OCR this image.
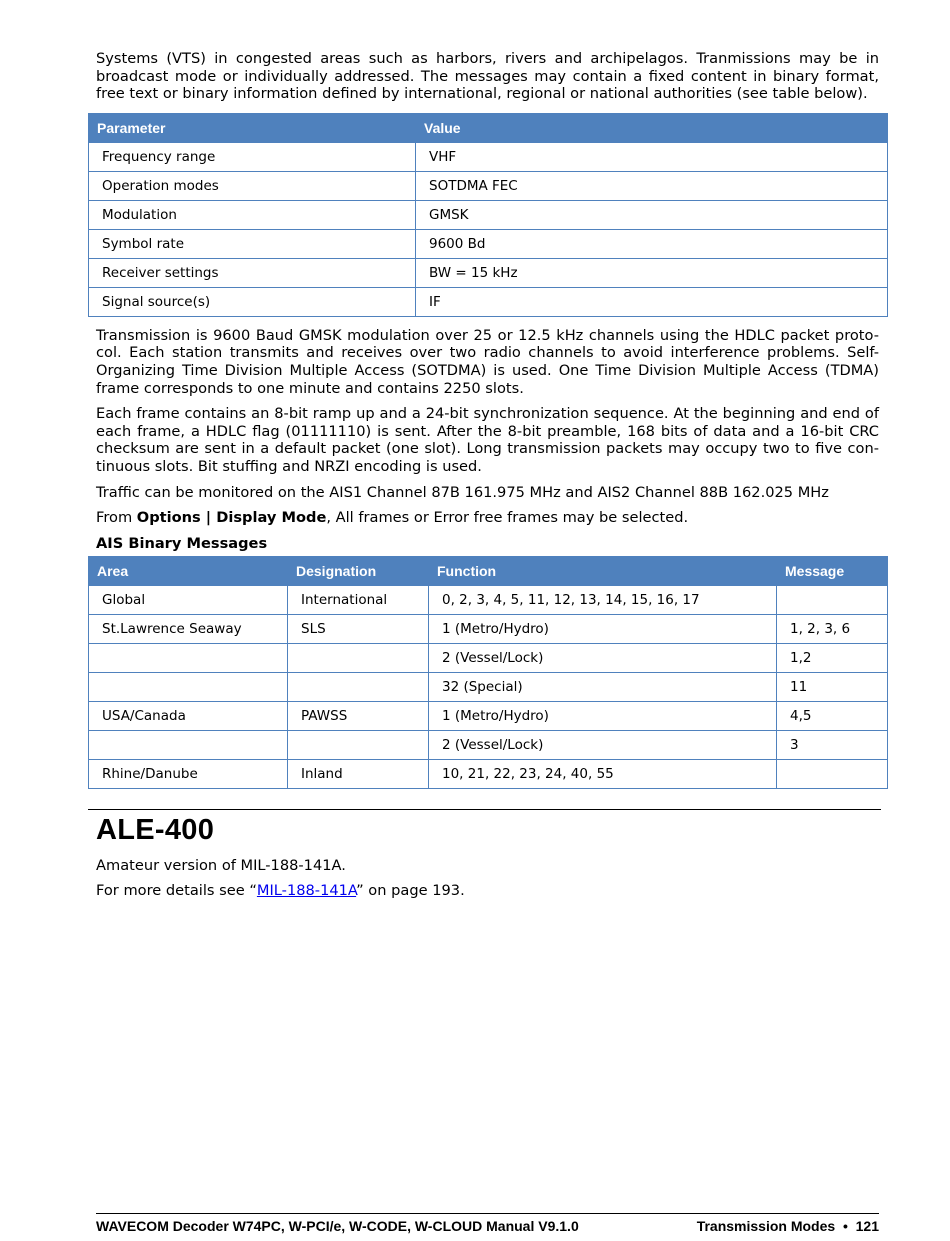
Systems (VTS) in congested areas such as harbors, rivers and archipelagos. Tranmissions may be in broadcast mode or individually addressed. The messages may contain a fixed content in binary format, free text or binary information defined by international, regional or national authorities (see table below).

Parameter	Value
Frequency range	VHF
Operation modes	SOTDMA FEC
Modulation	GMSK
Symbol rate	9600 Bd
Receiver settings	BW = 15 kHz
Signal source(s)	IF

Transmission is 9600 Baud GMSK modulation over 25 or 12.5 kHz channels using the HDLC packet proto-col. Each station transmits and receives over two radio channels to avoid interference problems. Self-Organizing Time Division Multiple Access (SOTDMA) is used. One Time Division Multiple Access (TDMA) frame corresponds to one minute and contains 2250 slots.

Each frame contains an 8-bit ramp up and a 24-bit synchronization sequence. At the beginning and end of each frame, a HDLC flag (01111110) is sent. After the 8-bit preamble, 168 bits of data and a 16-bit CRC checksum are sent in a default packet (one slot). Long transmission packets may occupy two to five con-tinuous slots. Bit stuffing and NRZI encoding is used.

Traffic can be monitored on the AIS1 Channel 87B 161.975 MHz and AIS2 Channel 88B 162.025 MHz

From Options | Display Mode, All frames or Error free frames may be selected.

AIS Binary Messages
Area	Designation	Function	Message
Global	International	0, 2, 3, 4, 5, 11, 12, 13, 14, 15, 16, 17	
St.Lawrence Seaway	SLS	1 (Metro/Hydro)	1, 2, 3, 6
		2 (Vessel/Lock)	1,2
		32 (Special)	11
USA/Canada	PAWSS	1 (Metro/Hydro)	4,5
		2 (Vessel/Lock)	3
Rhine/Danube	Inland	10, 21, 22, 23, 24, 40, 55	
ALE-400

Amateur version of MIL-188-141A.

For more details see “MIL-188-141A” on page 193.

WAVECOM Decoder W74PC, W-PCI/e, W-CODE, W-CLOUD Manual V9.1.0	Transmission Modes  •  121
